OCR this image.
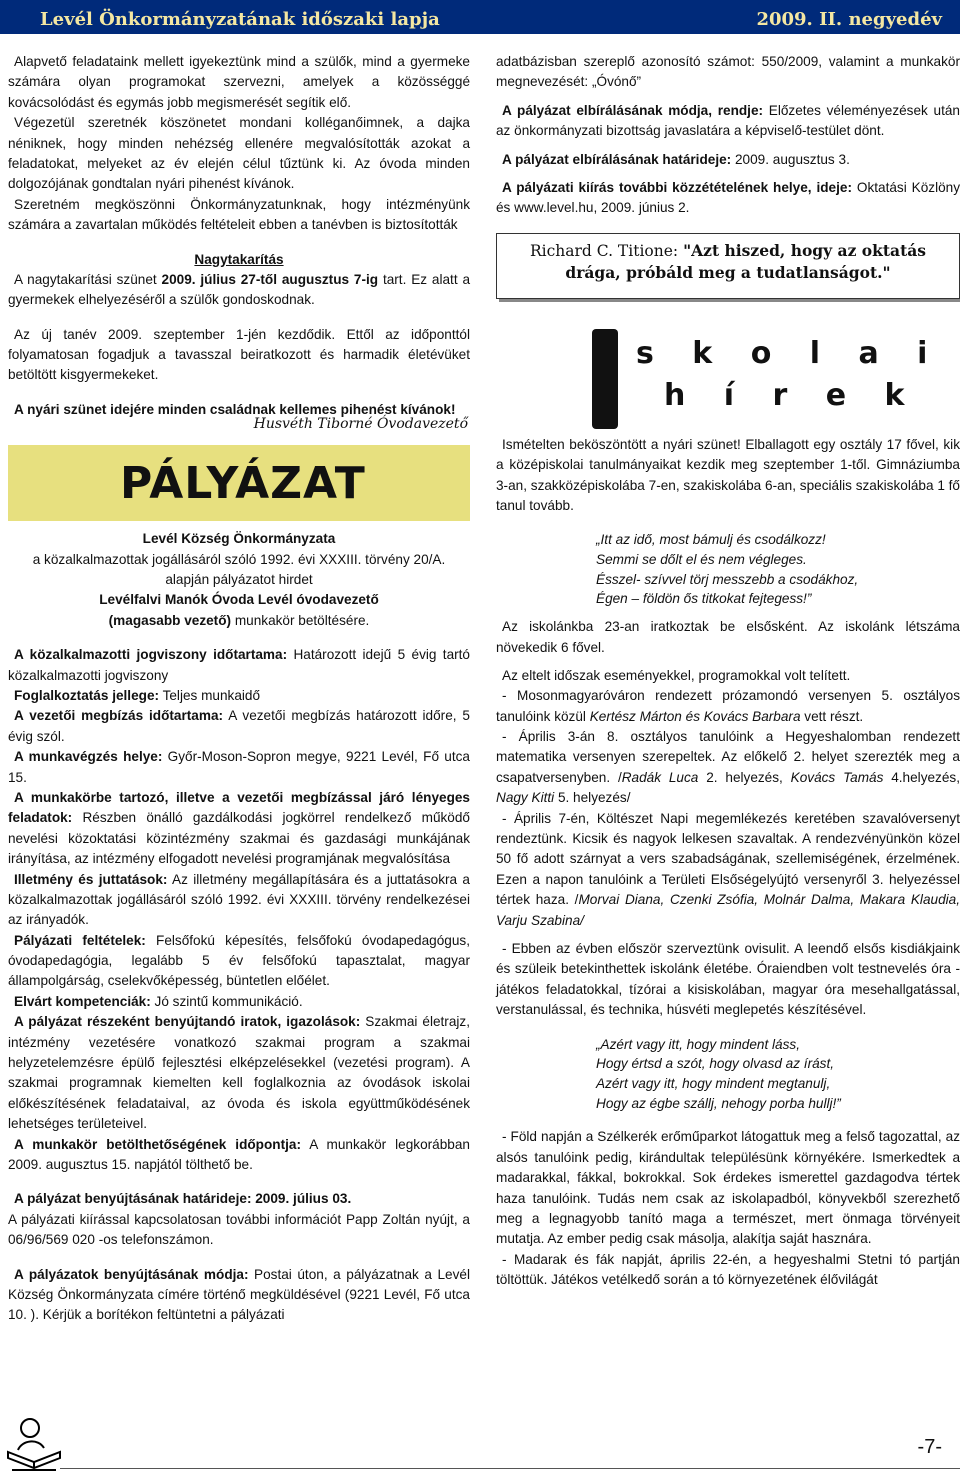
Levél Önkormányzatának időszaki lapja	2009. II. negyedév

Alapvető feladataink mellett igyekeztünk mind a szülők, mind a gyermeke számára olyan programokat szervezni, amelyek a közösséggé kovácsolódást és egymás jobb megismerését segítik elő.

Végezetül szeretnék köszönetet mondani kolléganőimnek, a dajka néniknek, hogy minden nehézség ellenére megvalósították azokat a feladatokat, melyeket az év elején célul tűztünk ki. Az óvoda minden dolgozójának gondtalan nyári pihenést kívánok.

Szeretném megköszönni Önkormányzatunknak, hogy intézményünk számára a zavartalan működés feltételeit ebben a tanévben is biztosították

Nagytakarítás

A nagytakarítási szünet 2009. július 27-től augusztus 7-ig tart. Ez alatt a gyermekek elhelyezéséről a szülők gondoskodnak.

Az új tanév 2009. szeptember 1-jén kezdődik. Ettől az időponttól folyamatosan fogadjuk a tavasszal beiratkozott és harmadik életévüket betöltött kisgyermekeket.

A nyári szünet idejére minden családnak kellemes pihenést kívánok!

Husvéth Tiborné Óvodavezető

PÁLYÁZAT

Levél Község Önkormányzata

a közalkalmazottak jogállásáról szóló 1992. évi XXXIII. törvény 20/A.

alapján pályázatot hirdet

Levélfalvi Manók Óvoda Levél óvodavezető

(magasabb vezető) munkakör betöltésére.

A közalkalmazotti jogviszony időtartama: Határozott idejű 5 évig tartó közalkalmazotti jogviszony

Foglalkoztatás jellege: Teljes munkaidő

A vezetői megbízás időtartama: A vezetői megbízás határozott időre, 5 évig szól.

A munkavégzés helye: Győr-Moson-Sopron megye, 9221 Levél, Fő utca 15.

A munkakörbe tartozó, illetve a vezetői megbízással járó lényeges feladatok: Részben önálló gazdálkodási jogkörrel rendelkező működő nevelési közoktatási közintézmény szakmai és gazdasági munkájának irányítása, az intézmény elfogadott nevelési programjának megvalósítása

Illetmény és juttatások: Az illetmény megállapítására és a juttatásokra a közalkalmazottak jogállásáról szóló 1992. évi XXXIII. törvény rendelkezései az irányadók.

Pályázati feltételek: Felsőfokú képesítés, felsőfokú óvodapedagógus, óvodapedagógia, legalább 5 év felsőfokú tapasztalat, magyar állampolgárság, cselekvőképesség, büntetlen előélet.

Elvárt kompetenciák: Jó szintű kommunikáció.

A pályázat részeként benyújtandó iratok, igazolások: Szakmai életrajz, intézmény vezetésére vonatkozó szakmai program a szakmai helyzetelemzésre épülő fejlesztési elképzelésekkel (vezetési program). A szakmai programnak kiemelten kell foglalkoznia az óvodások iskolai előkészítésének feladataival, az óvoda és iskola együttműködésének lehetséges területeivel.

A munkakör betölthetőségének időpontja: A munkakör legkorábban 2009. augusztus 15. napjától tölthető be.

A pályázat benyújtásának határideje: 2009. július 03.

A pályázati kiírással kapcsolatosan további információt Papp Zoltán nyújt, a 06/96/569 020 -os telefonszámon.

A pályázatok benyújtásának módja: Postai úton, a pályázatnak a Levél Község Önkormányzata címére történő megküldésével (9221 Levél, Fő utca 10. ). Kérjük a borítékon feltüntetni a pályázati

adatbázisban szereplő azonosító számot: 550/2009, valamint a munkakör megnevezését: „Óvónő”

A pályázat elbírálásának módja, rendje: Előzetes véleményezések után az önkormányzati bizottság javaslatára a képviselő-testület dönt.

A pályázat elbírálásának határideje: 2009. augusztus 3.

A pályázati kiírás további közzétételének helye, ideje: Oktatási Közlöny és www.level.hu, 2009. június 2.

Richard C. Titione: "Azt hiszed, hogy az oktatás
drága, próbáld meg a tudatlanságot."
s k o l a i
h í r e k

Ismételten beköszöntött a nyári szünet! Elballagott egy osztály 17 fővel, kik a középiskolai tanulmányaikat kezdik meg szeptember 1-től. Gimnáziumba 3-an, szakközépiskolába 7-en, szakiskolába 6-an, speciális szakiskolába 1 fő tanul tovább.

„Itt az idő, most bámulj és csodálkozz!

Semmi se dőlt el és nem végleges.

Ésszel- szívvel törj messzebb a csodákhoz,

Égen – földön ős titkokat fejtegess!”

Az iskolánkba 23-an iratkoztak be elsősként. Az iskolánk létszáma növekedik 6 fővel.

Az eltelt időszak eseményekkel, programokkal volt telített.

- Mosonmagyaróváron rendezett prózamondó versenyen 5. osztályos tanulóink közül Kertész Márton és Kovács Barbara vett részt.

- Április 3-án 8. osztályos tanulóink a Hegyeshalomban rendezett matematika versenyen szerepeltek. Az előkelő 2. helyet szerezték meg a csapatversenyben. /Radák Luca 2. helyezés, Kovács Tamás 4.helyezés, Nagy Kitti 5. helyezés/

- Április 7-én, Költészet Napi megemlékezés keretében szavalóversenyt rendeztünk. Kicsik és nagyok lelkesen szavaltak. A rendezvényünkön közel 50 fő adott szárnyat a vers szabadságának, szellemiségének, érzelmének. Ezen a napon tanulóink a Területi Elsőségelyújtó versenyről 3. helyezéssel tértek haza. /Morvai Diana, Czenki Zsófia, Molnár Dalma, Makara Klaudia, Varju Szabina/

- Ebben az évben először szerveztünk ovisulit. A leendő elsős kisdiákjaink és szüleik betekinthettek iskolánk életébe. Óraiendben volt testnevelés óra - játékos feladatokkal, tízórai a kisiskolában, magyar óra mesehallgatással, verstanulással, és technika, húsvéti meglepetés készítésével.

„Azért vagy itt, hogy mindent láss,

Hogy értsd a szót, hogy olvasd az írást,

Azért vagy itt, hogy mindent megtanulj,

Hogy az égbe szállj, nehogy porba hullj!”

- Föld napján a Szélkerék erőműparkot látogattuk meg a felső tagozattal, az alsós tanulóink pedig, kirándultak településünk környékére. Ismerkedtek a madarakkal, fákkal, bokrokkal. Sok érdekes ismerettel gazdagodva tértek haza tanulóink. Tudás nem csak az iskolapadból, könyvekből szerezhető meg a legnagyobb tanító maga a természet, mert önmaga törvényeit mutatja. Az ember pedig csak másolja, alakítja saját hasznára.

- Madarak és fák napját, április 22-én, a hegyeshalmi Stetni tó partján töltöttük. Játékos vetélkedő során a tó környezetének élővilágát

-7-
